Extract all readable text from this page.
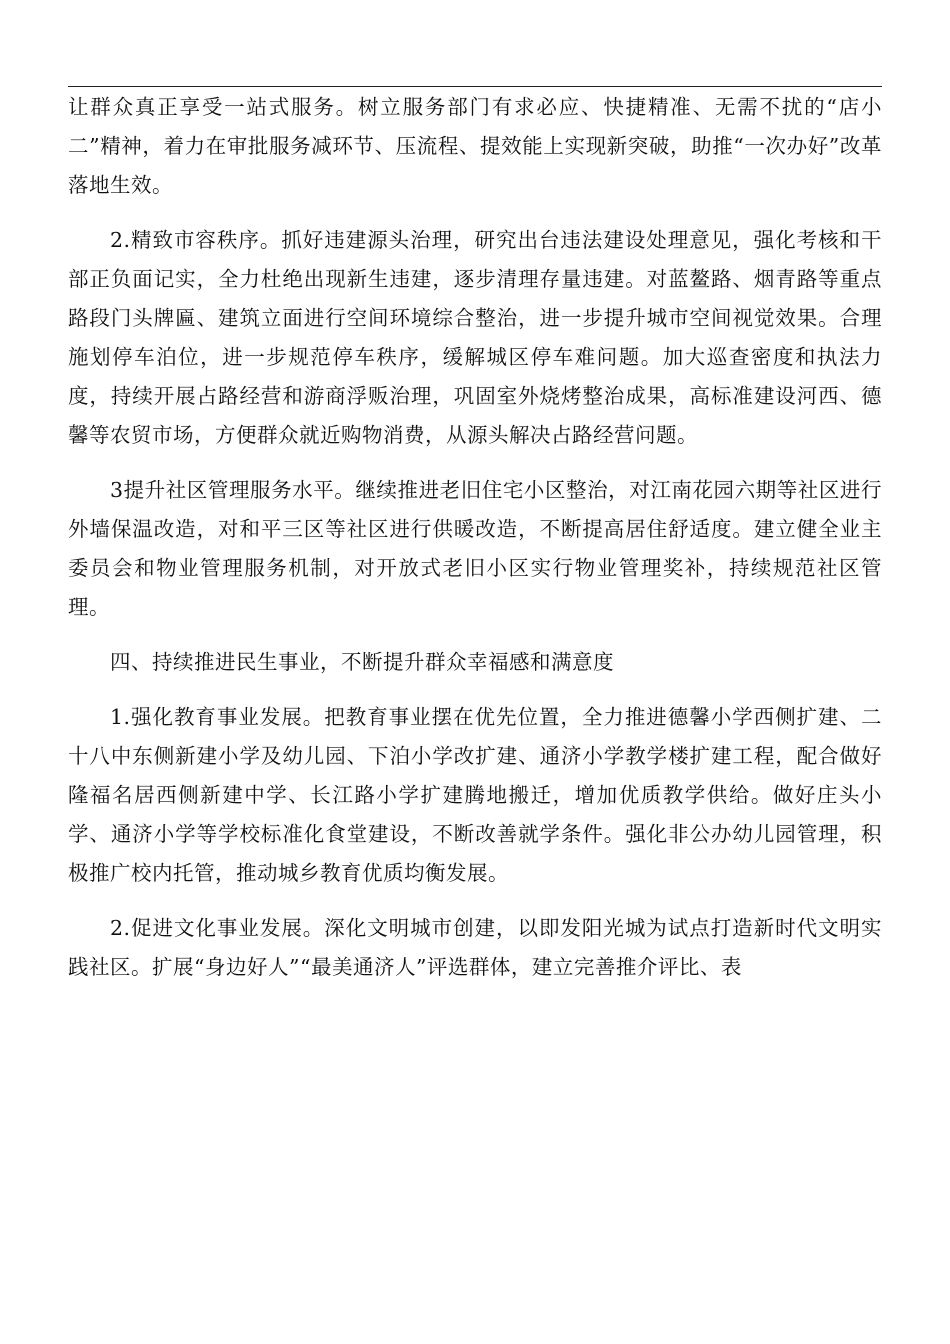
让群众真正享受一站式服务。树立服务部门有求必应、快捷精准、无需不扰的“店小二”精神，着力在审批服务减环节、压流程、提效能上实现新突破，助推“一次办好”改革落地生效。

2.精致市容秩序。抓好违建源头治理，研究出台违法建设处理意见，强化考核和干部正负面记实，全力杜绝出现新生违建，逐步清理存量违建。对蓝鳌路、烟青路等重点路段门头牌匾、建筑立面进行空间环境综合整治，进一步提升城市空间视觉效果。合理施划停车泊位，进一步规范停车秩序，缓解城区停车难问题。加大巡查密度和执法力度，持续开展占路经营和游商浮贩治理，巩固室外烧烤整治成果，高标准建设河西、德馨等农贸市场，方便群众就近购物消费，从源头解决占路经营问题。

3提升社区管理服务水平。继续推进老旧住宅小区整治，对江南花园六期等社区进行外墙保温改造，对和平三区等社区进行供暖改造，不断提高居住舒适度。建立健全业主委员会和物业管理服务机制，对开放式老旧小区实行物业管理奖补，持续规范社区管理。

四、持续推进民生事业，不断提升群众幸福感和满意度

1.强化教育事业发展。把教育事业摆在优先位置，全力推进德馨小学西侧扩建、二十八中东侧新建小学及幼儿园、下泊小学改扩建、通济小学教学楼扩建工程，配合做好隆福名居西侧新建中学、长江路小学扩建腾地搬迁，增加优质教学供给。做好庄头小学、通济小学等学校标准化食堂建设，不断改善就学条件。强化非公办幼儿园管理，积极推广校内托管，推动城乡教育优质均衡发展。

2.促进文化事业发展。深化文明城市创建，以即发阳光城为试点打造新时代文明实践社区。扩展“身边好人”“最美通济人”评选群体，建立完善推介评比、表
